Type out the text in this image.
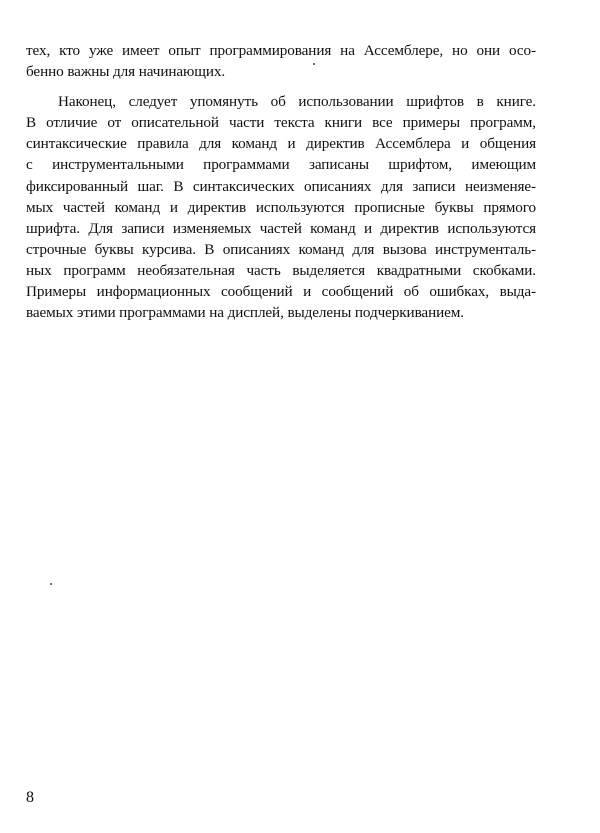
тех, кто уже имеет опыт программирования на Ассемблере, но они осо-
бенно важны для начинающих.
Наконец, следует упомянуть об использовании шрифтов в книге.
В отличие от описательной части текста книги все примеры программ,
синтаксические правила для команд и директив Ассемблера и общения
с инструментальными программами записаны шрифтом, имеющим
фиксированный шаг. В синтаксических описаниях для записи неизменяе-
мых частей команд и директив используются прописные буквы прямого
шрифта. Для записи изменяемых частей команд и директив используются
строчные буквы курсива. В описаниях команд для вызова инструменталь-
ных программ необязательная часть выделяется квадратными скобками.
Примеры информационных сообщений и сообщений об ошибках, выда-
ваемых этими программами на дисплей, выделены подчеркиванием.
8
